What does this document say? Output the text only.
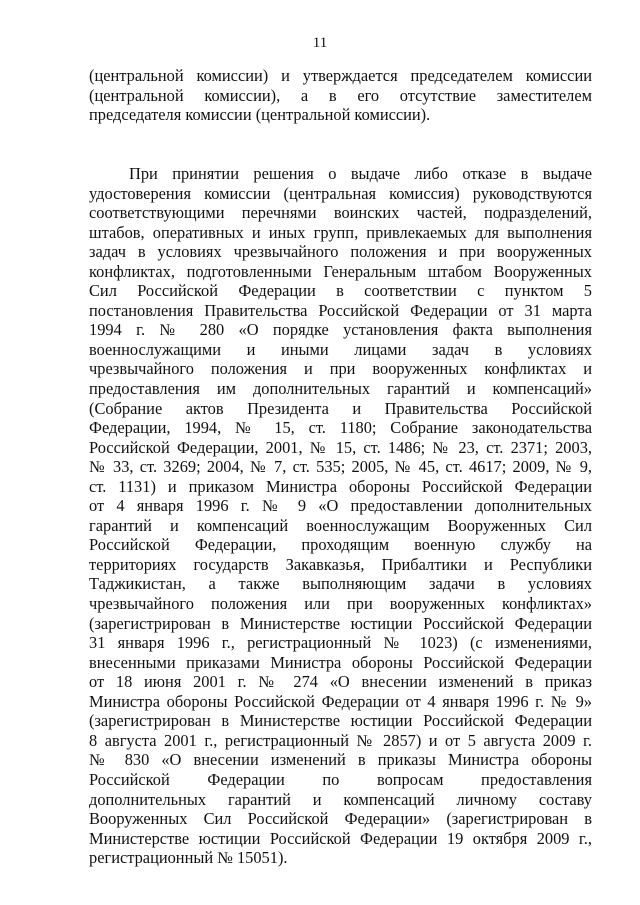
11
(центральной комиссии) и утверждается председателем комиссии
(центральной комиссии), а в его отсутствие заместителем
председателя комиссии (центральной комиссии).
При принятии решения о выдаче либо отказе в выдаче
удостоверения комиссии (центральная комиссия) руководствуются
соответствующими перечнями воинских частей, подразделений,
штабов, оперативных и иных групп, привлекаемых для выполнения
задач в условиях чрезвычайного положения и при вооруженных
конфликтах, подготовленными Генеральным штабом Вооруженных
Сил Российской Федерации в соответствии с пунктом 5
постановления Правительства Российской Федерации от 31 марта
1994 г. № 280 «О порядке установления факта выполнения
военнослужащими и иными лицами задач в условиях
чрезвычайного положения и при вооруженных конфликтах и
предоставления им дополнительных гарантий и компенсаций»
(Собрание актов Президента и Правительства Российской
Федерации, 1994, № 15, ст. 1180; Собрание законодательства
Российской Федерации, 2001, № 15, ст. 1486; № 23, ст. 2371; 2003,
№ 33, ст. 3269; 2004, № 7, ст. 535; 2005, № 45, ст. 4617; 2009, № 9,
ст. 1131) и приказом Министра обороны Российской Федерации
от 4 января 1996 г. № 9 «О предоставлении дополнительных
гарантий и компенсаций военнослужащим Вооруженных Сил
Российской Федерации, проходящим военную службу на
территориях государств Закавказья, Прибалтики и Республики
Таджикистан, а также выполняющим задачи в условиях
чрезвычайного положения или при вооруженных конфликтах»
(зарегистрирован в Министерстве юстиции Российской Федерации
31 января 1996 г., регистрационный № 1023) (с изменениями,
внесенными приказами Министра обороны Российской Федерации
от 18 июня 2001 г. № 274 «О внесении изменений в приказ
Министра обороны Российской Федерации от 4 января 1996 г. № 9»
(зарегистрирован в Министерстве юстиции Российской Федерации
8 августа 2001 г., регистрационный № 2857) и от 5 августа 2009 г.
№ 830 «О внесении изменений в приказы Министра обороны
Российской Федерации по вопросам предоставления
дополнительных гарантий и компенсаций личному составу
Вооруженных Сил Российской Федерации» (зарегистрирован в
Министерстве юстиции Российской Федерации 19 октября 2009 г.,
регистрационный № 15051).
